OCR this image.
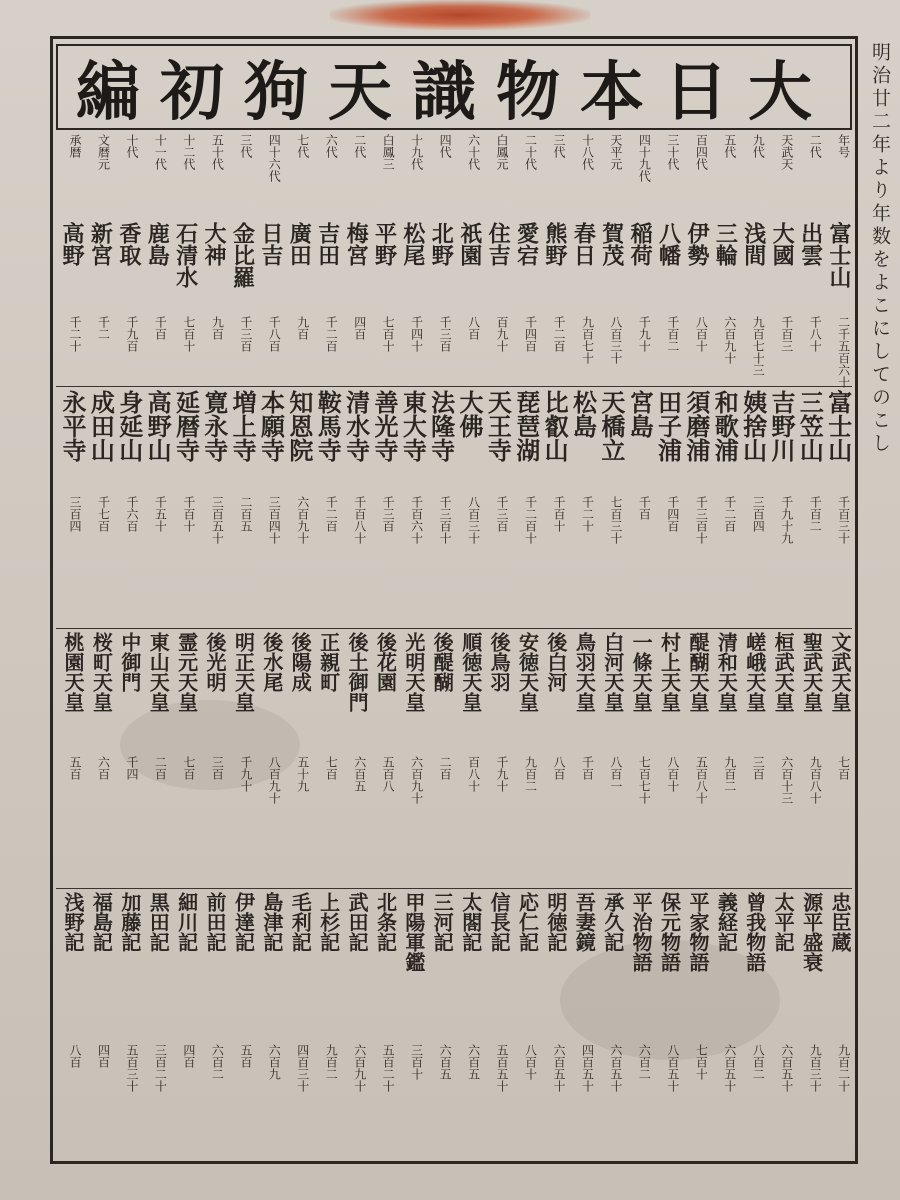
大日本物識天狗初編	明治廿二年より年数をよこにしてのこし
年号
二代
天武天
九代
五代
百四代
三十代
四十九代
天平元
十八代
三代
二十代
白鳳元
六十代
四代
十九代
白鳳三
二代
六代
七代
四十六代
三代
五十代
十二代
十一代
十代
文暦元
承暦
富士山
出雲
大國
浅間
三輪
伊勢
八幡
稲荷
賀茂
春日
熊野
愛宕
住吉
祇園
北野
松尾
平野
梅宮
吉田
廣田
日吉
金比羅
大神
石清水
鹿島
香取
新宮
高野
二千五百六十
千八十
千百三
九百七十三
六百九十
八百十
千百二
千九十
八百三十
九百七十
千二百
千四百
百九十
八百
千三百
千四十
七百十
四百
千二百
九百
千八百
千三百
九百
七百十
千百
千九百
千二
千二十
富士山
三笠山
吉野川
姨捨山
和歌浦
須磨浦
田子浦
宮島
天橋立
松島
比叡山
琵琶湖
天王寺
大佛
法隆寺
東大寺
善光寺
清水寺
鞍馬寺
知恩院
本願寺
増上寺
寛永寺
延暦寺
高野山
身延山
成田山
永平寺
千百三十
千百二
千九十九
三百四
千二百
千三百十
千四百
千百
七百三十
千二十
千百十
千二百十
千三百
八百三十
千三百十
千百六十
千三百
千百八十
千二百
六百九十
三百四十
二百五
三百五十
千百十
千五十
千六百
千七百
三百四
文武天皇
聖武天皇
桓武天皇
嵯峨天皇
清和天皇
醍醐天皇
村上天皇
一條天皇
白河天皇
鳥羽天皇
後白河
安徳天皇
後鳥羽
順徳天皇
後醍醐
光明天皇
後花園
後土御門
正親町
後陽成
後水尾
明正天皇
後光明
霊元天皇
東山天皇
中御門
桜町天皇
桃園天皇
七百
九百八十
六百十三
三百
九百二
五百八十
八百十
七百七十
八百一
千百
八百
九百二
千九十
百八十
二百
六百九十
五百八
六百五
七百
五十九
八百九十
千九十
三百
七百
二百
千四
六百
五百
忠臣蔵
源平盛衰
太平記
曾我物語
義経記
平家物語
保元物語
平治物語
承久記
吾妻鏡
明徳記
応仁記
信長記
太閤記
三河記
甲陽軍鑑
北条記
武田記
上杉記
毛利記
島津記
伊達記
前田記
細川記
黒田記
加藤記
福島記
浅野記
九百二十
九百三十
六百五十
八百二
六百五十
七百十
八百五十
六百二
六百五十
四百五十
六百五十
八百十
五百五十
六百五
六百五
三百十
五百二十
六百九十
九百二
四百三十
六百九
五百
六百二
四百
三百二十
五百三十
四百
八百
